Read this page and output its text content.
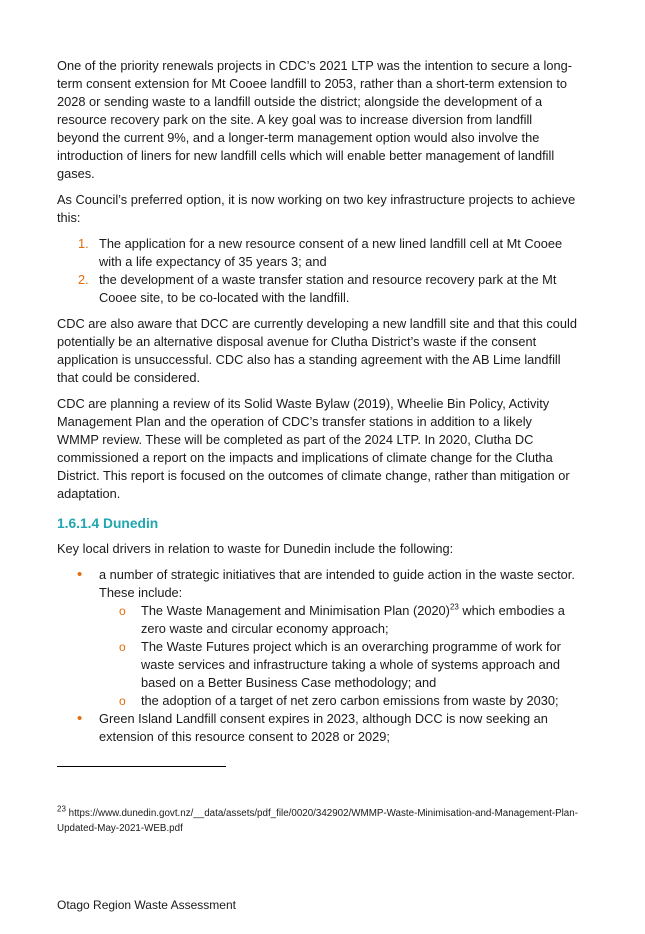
One of the priority renewals projects in CDC’s 2021 LTP was the intention to secure a long-term consent extension for Mt Cooee landfill to 2053, rather than a short-term extension to 2028 or sending waste to a landfill outside the district; alongside the development of a resource recovery park on the site. A key goal was to increase diversion from landfill beyond the current 9%, and a longer-term management option would also involve the introduction of liners for new landfill cells which will enable better management of landfill gases.

As Council’s preferred option, it is now working on two key infrastructure projects to achieve this:

1. The application for a new resource consent of a new lined landfill cell at Mt Cooee with a life expectancy of 35 years 3; and
2. the development of a waste transfer station and resource recovery park at the Mt Cooee site, to be co-located with the landfill.

CDC are also aware that DCC are currently developing a new landfill site and that this could potentially be an alternative disposal avenue for Clutha District’s waste if the consent application is unsuccessful. CDC also has a standing agreement with the AB Lime landfill that could be considered.

CDC are planning a review of its Solid Waste Bylaw (2019), Wheelie Bin Policy, Activity Management Plan and the operation of CDC’s transfer stations in addition to a likely WMMP review. These will be completed as part of the 2024 LTP. In 2020, Clutha DC commissioned a report on the impacts and implications of climate change for the Clutha District. This report is focused on the outcomes of climate change, rather than mitigation or adaptation.

1.6.1.4 Dunedin

Key local drivers in relation to waste for Dunedin include the following:

• a number of strategic initiatives that are intended to guide action in the waste sector. These include:
o The Waste Management and Minimisation Plan $(2020)^{23}$ which embodies a zero waste and circular economy approach;
o The Waste Futures project which is an overarching programme of work for waste services and infrastructure taking a whole of systems approach and based on a Better Business Case methodology; and
o the adoption of a target of net zero carbon emissions from waste by 2030;
• Green Island Landfill consent expires in 2023, although DCC is now seeking an extension of this resource consent to 2028 or 2029;
$^{23}$ https://www.dunedin.govt.nz/__data/assets/pdf_file/0020/342902/WMMP-Waste-Minimisation-and-Management-Plan-Updated-May-2021-WEB.pdf
Otago Region Waste Assessment
